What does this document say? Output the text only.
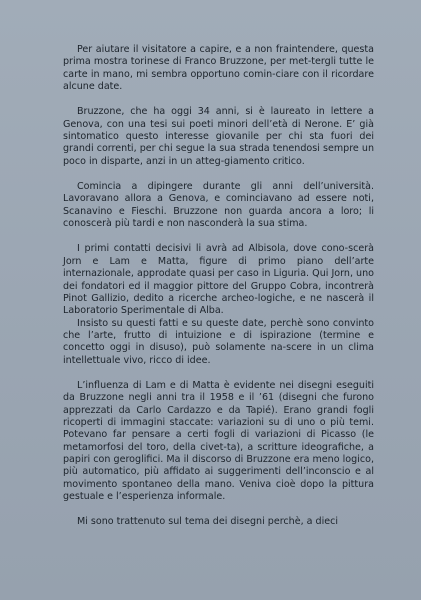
Per aiutare il visitatore a capire, e a non fraintendere, questa prima mostra torinese di Franco Bruzzone, per met-tergli tutte le carte in mano, mi sembra opportuno comin-ciare con il ricordare alcune date.

Bruzzone, che ha oggi 34 anni, si è laureato in lettere a Genova, con una tesi sui poeti minori dell’età di Nerone. E’ già sintomatico questo interesse giovanile per chi sta fuori dei grandi correnti, per chi segue la sua strada tenendosi sempre un poco in disparte, anzi in un atteg-giamento critico.

Comincia a dipingere durante gli anni dell’università. Lavoravano allora a Genova, e cominciavano ad essere noti, Scanavino e Fieschi. Bruzzone non guarda ancora a loro; li conoscerà più tardi e non nasconderà la sua stima.

I primi contatti decisivi li avrà ad Albisola, dove cono-scerà Jorn e Lam e Matta, figure di primo piano dell’arte internazionale, approdate quasi per caso in Liguria. Qui Jorn, uno dei fondatori ed il maggior pittore del Gruppo Cobra, incontrerà Pinot Gallizio, dedito a ricerche archeo-logiche, e ne nascerà il Laboratorio Sperimentale di Alba.

Insisto su questi fatti e su queste date, perchè sono convinto che l’arte, frutto di intuizione e di ispirazione (termine e concetto oggi in disuso), può solamente na-scere in un clima intellettuale vivo, ricco di idee.

L’influenza di Lam e di Matta è evidente nei disegni eseguiti da Bruzzone negli anni tra il 1958 e il ’61 (disegni che furono apprezzati da Carlo Cardazzo e da Tapié). Erano grandi fogli ricoperti di immagini staccate: variazioni su di uno o più temi. Potevano far pensare a certi fogli di variazioni di Picasso (le metamorfosi del toro, della civet-ta), a scritture ideografiche, a papiri con geroglifici. Ma il discorso di Bruzzone era meno logico, più automatico, più affidato ai suggerimenti dell’inconscio e al movimento spontaneo della mano. Veniva cioè dopo la pittura gestuale e l’esperienza informale.

Mi sono trattenuto sul tema dei disegni perchè, a dieci
